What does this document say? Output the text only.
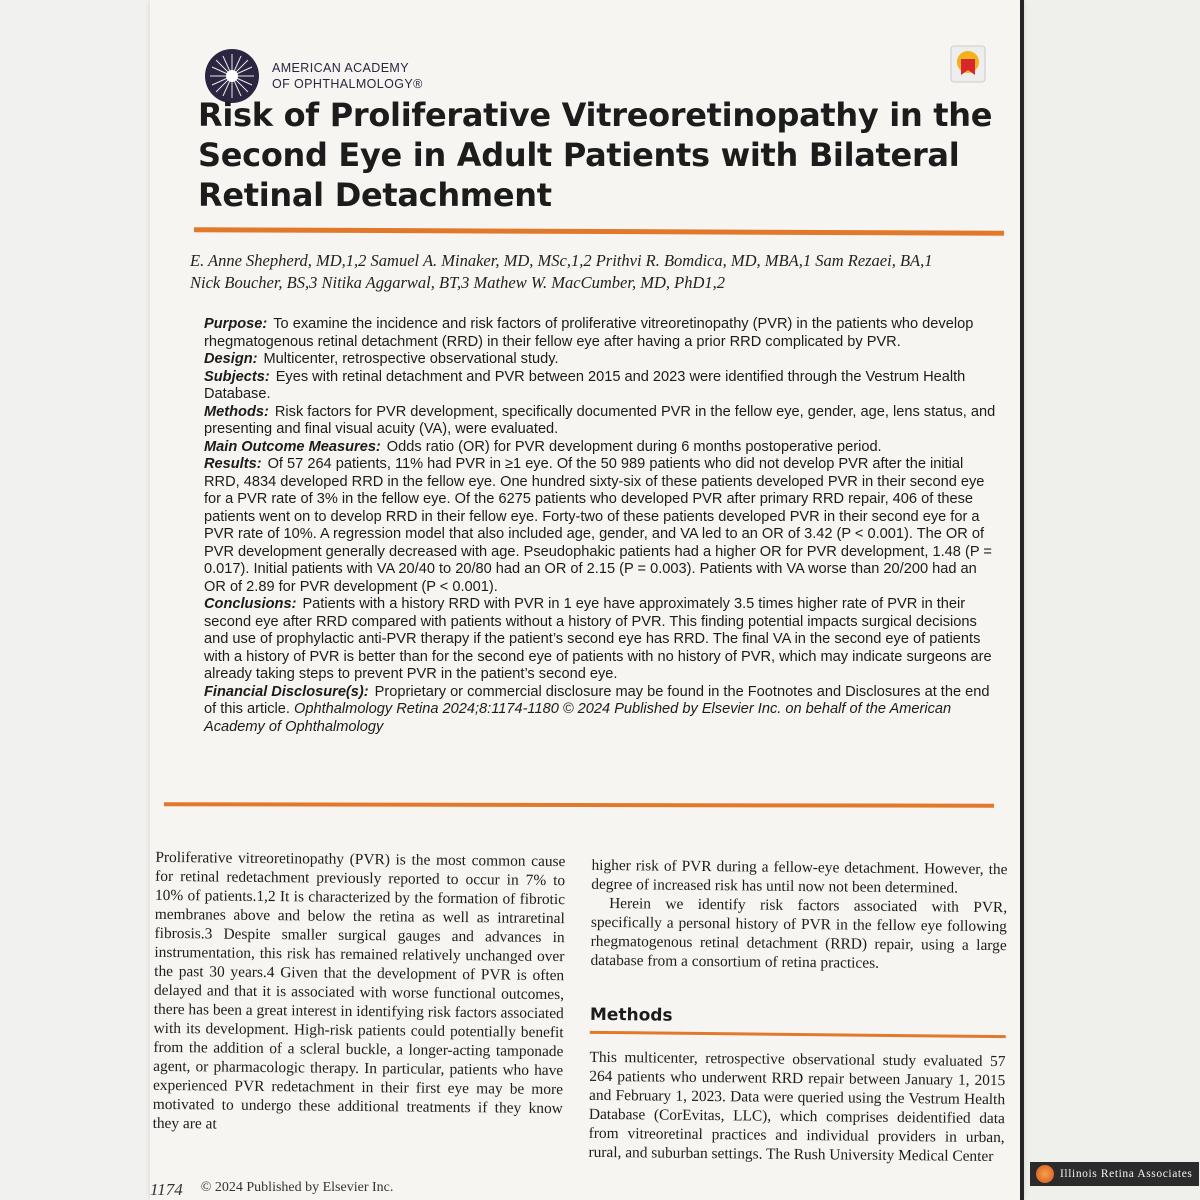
AMERICAN ACADEMY
OF OPHTHALMOLOGY®
Risk of Proliferative Vitreoretinopathy in the Second Eye in Adult Patients with Bilateral Retinal Detachment
E. Anne Shepherd, MD,1,2 Samuel A. Minaker, MD, MSc,1,2 Prithvi R. Bomdica, MD, MBA,1 Sam Rezaei, BA,1
Nick Boucher, BS,3 Nitika Aggarwal, BT,3 Mathew W. MacCumber, MD, PhD1,2

Purpose: To examine the incidence and risk factors of proliferative vitreoretinopathy (PVR) in the patients who develop rhegmatogenous retinal detachment (RRD) in their fellow eye after having a prior RRD complicated by PVR.

Design: Multicenter, retrospective observational study.

Subjects: Eyes with retinal detachment and PVR between 2015 and 2023 were identified through the Vestrum Health Database.

Methods: Risk factors for PVR development, specifically documented PVR in the fellow eye, gender, age, lens status, and presenting and final visual acuity (VA), were evaluated.

Main Outcome Measures: Odds ratio (OR) for PVR development during 6 months postoperative period.

Results: Of 57 264 patients, 11% had PVR in ≥1 eye. Of the 50 989 patients who did not develop PVR after the initial RRD, 4834 developed RRD in the fellow eye. One hundred sixty-six of these patients developed PVR in their second eye for a PVR rate of 3% in the fellow eye. Of the 6275 patients who developed PVR after primary RRD repair, 406 of these patients went on to develop RRD in their fellow eye. Forty-two of these patients developed PVR in their second eye for a PVR rate of 10%. A regression model that also included age, gender, and VA led to an OR of 3.42 (P < 0.001). The OR of PVR development generally decreased with age. Pseudophakic patients had a higher OR for PVR development, 1.48 (P = 0.017). Initial patients with VA 20/40 to 20/80 had an OR of 2.15 (P = 0.003). Patients with VA worse than 20/200 had an OR of 2.89 for PVR development (P < 0.001).

Conclusions: Patients with a history RRD with PVR in 1 eye have approximately 3.5 times higher rate of PVR in their second eye after RRD compared with patients without a history of PVR. This finding potential impacts surgical decisions and use of prophylactic anti-PVR therapy if the patient’s second eye has RRD. The final VA in the second eye of patients with a history of PVR is better than for the second eye of patients with no history of PVR, which may indicate surgeons are already taking steps to prevent PVR in the patient’s second eye.

Financial Disclosure(s): Proprietary or commercial disclosure may be found in the Footnotes and Disclosures at the end of this article. Ophthalmology Retina 2024;8:1174-1180 © 2024 Published by Elsevier Inc. on behalf of the American Academy of Ophthalmology

Proliferative vitreoretinopathy (PVR) is the most common cause for retinal redetachment previously reported to occur in 7% to 10% of patients.1,2 It is characterized by the formation of fibrotic membranes above and below the retina as well as intraretinal fibrosis.3 Despite smaller surgical gauges and advances in instrumentation, this risk has remained relatively unchanged over the past 30 years.4 Given that the development of PVR is often delayed and that it is associated with worse functional outcomes, there has been a great interest in identifying risk factors associated with its development. High-risk patients could potentially benefit from the addition of a scleral buckle, a longer-acting tamponade agent, or pharmacologic therapy. In particular, patients who have experienced PVR redetachment in their first eye may be more motivated to undergo these additional treatments if they know they are at

higher risk of PVR during a fellow-eye detachment. However, the degree of increased risk has until now not been determined.

Herein we identify risk factors associated with PVR, specifically a personal history of PVR in the fellow eye following rhegmatogenous retinal detachment (RRD) repair, using a large database from a consortium of retina practices.

Methods

This multicenter, retrospective observational study evaluated 57 264 patients who underwent RRD repair between January 1, 2015 and February 1, 2023. Data were queried using the Vestrum Health Database (CorEvitas, LLC), which comprises deidentified data from vitreoretinal practices and individual providers in urban, rural, and suburban settings. The Rush University Medical Center

1174 © 2024 Published by Elsevier Inc.
Illinois Retina Associates
